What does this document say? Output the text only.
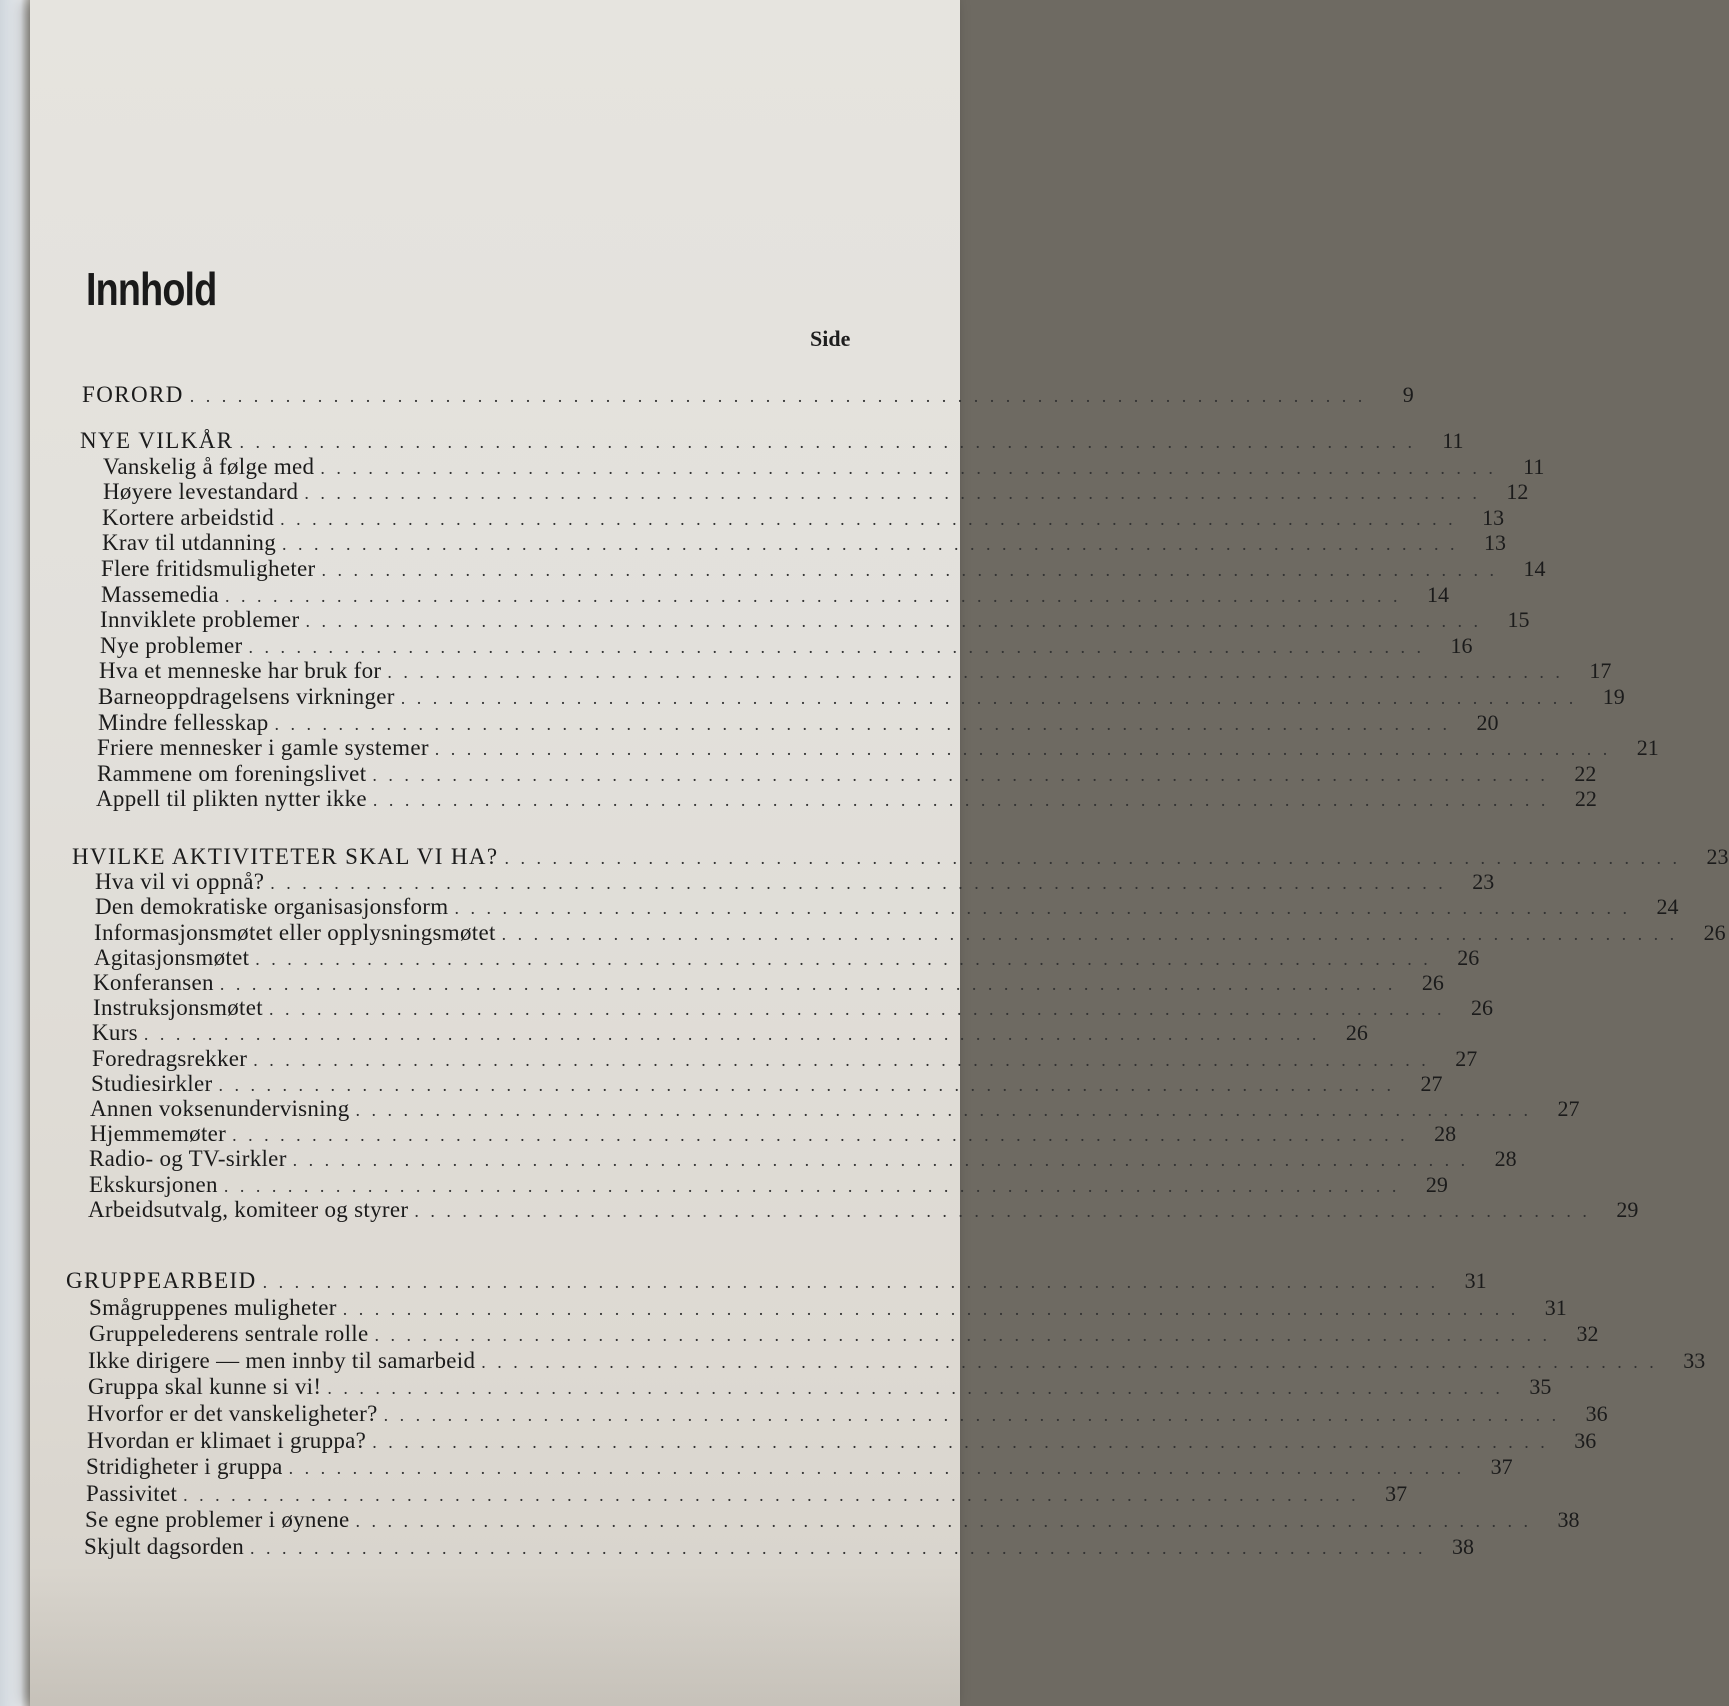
Innhold
Side
FORORD . . . . . . . . . . . . . . . . . . . . . . . . . . . . . . . . . . . . . . . . . . . . . . . . . . . . . . . . . . . . . . . . . . . . . . . . . .	9
NYE VILKÅR . . . . . . . . . . . . . . . . . . . . . . . . . . . . . . . . . . . . . . . . . . . . . . . . . . . . . . . . . . . . . . . . . . . . . . . . . .	11
Vanskelig å følge med . . . . . . . . . . . . . . . . . . . . . . . . . . . . . . . . . . . . . . . . . . . . . . . . . . . . . . . . . . . . . . . . . . . . . . . . . .	11
Høyere levestandard . . . . . . . . . . . . . . . . . . . . . . . . . . . . . . . . . . . . . . . . . . . . . . . . . . . . . . . . . . . . . . . . . . . . . . . . . .	12
Kortere arbeidstid . . . . . . . . . . . . . . . . . . . . . . . . . . . . . . . . . . . . . . . . . . . . . . . . . . . . . . . . . . . . . . . . . . . . . . . . . .	13
Krav til utdanning . . . . . . . . . . . . . . . . . . . . . . . . . . . . . . . . . . . . . . . . . . . . . . . . . . . . . . . . . . . . . . . . . . . . . . . . . .	13
Flere fritidsmuligheter . . . . . . . . . . . . . . . . . . . . . . . . . . . . . . . . . . . . . . . . . . . . . . . . . . . . . . . . . . . . . . . . . . . . . . . . . .	14
Massemedia . . . . . . . . . . . . . . . . . . . . . . . . . . . . . . . . . . . . . . . . . . . . . . . . . . . . . . . . . . . . . . . . . . . . . . . . . .	14
Innviklete problemer . . . . . . . . . . . . . . . . . . . . . . . . . . . . . . . . . . . . . . . . . . . . . . . . . . . . . . . . . . . . . . . . . . . . . . . . . .	15
Nye problemer . . . . . . . . . . . . . . . . . . . . . . . . . . . . . . . . . . . . . . . . . . . . . . . . . . . . . . . . . . . . . . . . . . . . . . . . . .	16
Hva et menneske har bruk for . . . . . . . . . . . . . . . . . . . . . . . . . . . . . . . . . . . . . . . . . . . . . . . . . . . . . . . . . . . . . . . . . . . . . . . . . .	17
Barneoppdragelsens virkninger . . . . . . . . . . . . . . . . . . . . . . . . . . . . . . . . . . . . . . . . . . . . . . . . . . . . . . . . . . . . . . . . . . . . . . . . . .	19
Mindre fellesskap . . . . . . . . . . . . . . . . . . . . . . . . . . . . . . . . . . . . . . . . . . . . . . . . . . . . . . . . . . . . . . . . . . . . . . . . . .	20
Friere mennesker i gamle systemer . . . . . . . . . . . . . . . . . . . . . . . . . . . . . . . . . . . . . . . . . . . . . . . . . . . . . . . . . . . . . . . . . . . . . . . . . .	21
Rammene om foreningslivet . . . . . . . . . . . . . . . . . . . . . . . . . . . . . . . . . . . . . . . . . . . . . . . . . . . . . . . . . . . . . . . . . . . . . . . . . .	22
Appell til plikten nytter ikke . . . . . . . . . . . . . . . . . . . . . . . . . . . . . . . . . . . . . . . . . . . . . . . . . . . . . . . . . . . . . . . . . . . . . . . . . .	22
HVILKE AKTIVITETER SKAL VI HA? . . . . . . . . . . . . . . . . . . . . . . . . . . . . . . . . . . . . . . . . . . . . . . . . . . . . . . . . . . . . . . . . . . . . . . . . . .	23
Hva vil vi oppnå? . . . . . . . . . . . . . . . . . . . . . . . . . . . . . . . . . . . . . . . . . . . . . . . . . . . . . . . . . . . . . . . . . . . . . . . . . .	23
Den demokratiske organisasjonsform . . . . . . . . . . . . . . . . . . . . . . . . . . . . . . . . . . . . . . . . . . . . . . . . . . . . . . . . . . . . . . . . . . . . . . . . . .	24
Informasjonsmøtet eller opplysningsmøtet . . . . . . . . . . . . . . . . . . . . . . . . . . . . . . . . . . . . . . . . . . . . . . . . . . . . . . . . . . . . . . . . . . . . . . . . . .	26
Agitasjonsmøtet . . . . . . . . . . . . . . . . . . . . . . . . . . . . . . . . . . . . . . . . . . . . . . . . . . . . . . . . . . . . . . . . . . . . . . . . . .	26
Konferansen . . . . . . . . . . . . . . . . . . . . . . . . . . . . . . . . . . . . . . . . . . . . . . . . . . . . . . . . . . . . . . . . . . . . . . . . . .	26
Instruksjonsmøtet . . . . . . . . . . . . . . . . . . . . . . . . . . . . . . . . . . . . . . . . . . . . . . . . . . . . . . . . . . . . . . . . . . . . . . . . . .	26
Kurs . . . . . . . . . . . . . . . . . . . . . . . . . . . . . . . . . . . . . . . . . . . . . . . . . . . . . . . . . . . . . . . . . . . . . . . . . .	26
Foredragsrekker . . . . . . . . . . . . . . . . . . . . . . . . . . . . . . . . . . . . . . . . . . . . . . . . . . . . . . . . . . . . . . . . . . . . . . . . . .	27
Studiesirkler . . . . . . . . . . . . . . . . . . . . . . . . . . . . . . . . . . . . . . . . . . . . . . . . . . . . . . . . . . . . . . . . . . . . . . . . . .	27
Annen voksenundervisning . . . . . . . . . . . . . . . . . . . . . . . . . . . . . . . . . . . . . . . . . . . . . . . . . . . . . . . . . . . . . . . . . . . . . . . . . .	27
Hjemmemøter . . . . . . . . . . . . . . . . . . . . . . . . . . . . . . . . . . . . . . . . . . . . . . . . . . . . . . . . . . . . . . . . . . . . . . . . . .	28
Radio- og TV-sirkler . . . . . . . . . . . . . . . . . . . . . . . . . . . . . . . . . . . . . . . . . . . . . . . . . . . . . . . . . . . . . . . . . . . . . . . . . .	28
Ekskursjonen . . . . . . . . . . . . . . . . . . . . . . . . . . . . . . . . . . . . . . . . . . . . . . . . . . . . . . . . . . . . . . . . . . . . . . . . . .	29
Arbeidsutvalg, komiteer og styrer . . . . . . . . . . . . . . . . . . . . . . . . . . . . . . . . . . . . . . . . . . . . . . . . . . . . . . . . . . . . . . . . . . . . . . . . . .	29
GRUPPEARBEID . . . . . . . . . . . . . . . . . . . . . . . . . . . . . . . . . . . . . . . . . . . . . . . . . . . . . . . . . . . . . . . . . . . . . . . . . .	31
Smågruppenes muligheter . . . . . . . . . . . . . . . . . . . . . . . . . . . . . . . . . . . . . . . . . . . . . . . . . . . . . . . . . . . . . . . . . . . . . . . . . .	31
Gruppelederens sentrale rolle . . . . . . . . . . . . . . . . . . . . . . . . . . . . . . . . . . . . . . . . . . . . . . . . . . . . . . . . . . . . . . . . . . . . . . . . . .	32
Ikke dirigere — men innby til samarbeid . . . . . . . . . . . . . . . . . . . . . . . . . . . . . . . . . . . . . . . . . . . . . . . . . . . . . . . . . . . . . . . . . . . . . . . . . .	33
Gruppa skal kunne si vi! . . . . . . . . . . . . . . . . . . . . . . . . . . . . . . . . . . . . . . . . . . . . . . . . . . . . . . . . . . . . . . . . . . . . . . . . . .	35
Hvorfor er det vanskeligheter? . . . . . . . . . . . . . . . . . . . . . . . . . . . . . . . . . . . . . . . . . . . . . . . . . . . . . . . . . . . . . . . . . . . . . . . . . .	36
Hvordan er klimaet i gruppa? . . . . . . . . . . . . . . . . . . . . . . . . . . . . . . . . . . . . . . . . . . . . . . . . . . . . . . . . . . . . . . . . . . . . . . . . . .	36
Stridigheter i gruppa . . . . . . . . . . . . . . . . . . . . . . . . . . . . . . . . . . . . . . . . . . . . . . . . . . . . . . . . . . . . . . . . . . . . . . . . . .	37
Passivitet . . . . . . . . . . . . . . . . . . . . . . . . . . . . . . . . . . . . . . . . . . . . . . . . . . . . . . . . . . . . . . . . . . . . . . . . . .	37
Se egne problemer i øynene . . . . . . . . . . . . . . . . . . . . . . . . . . . . . . . . . . . . . . . . . . . . . . . . . . . . . . . . . . . . . . . . . . . . . . . . . .	38
Skjult dagsorden . . . . . . . . . . . . . . . . . . . . . . . . . . . . . . . . . . . . . . . . . . . . . . . . . . . . . . . . . . . . . . . . . . . . . . . . . .	38
